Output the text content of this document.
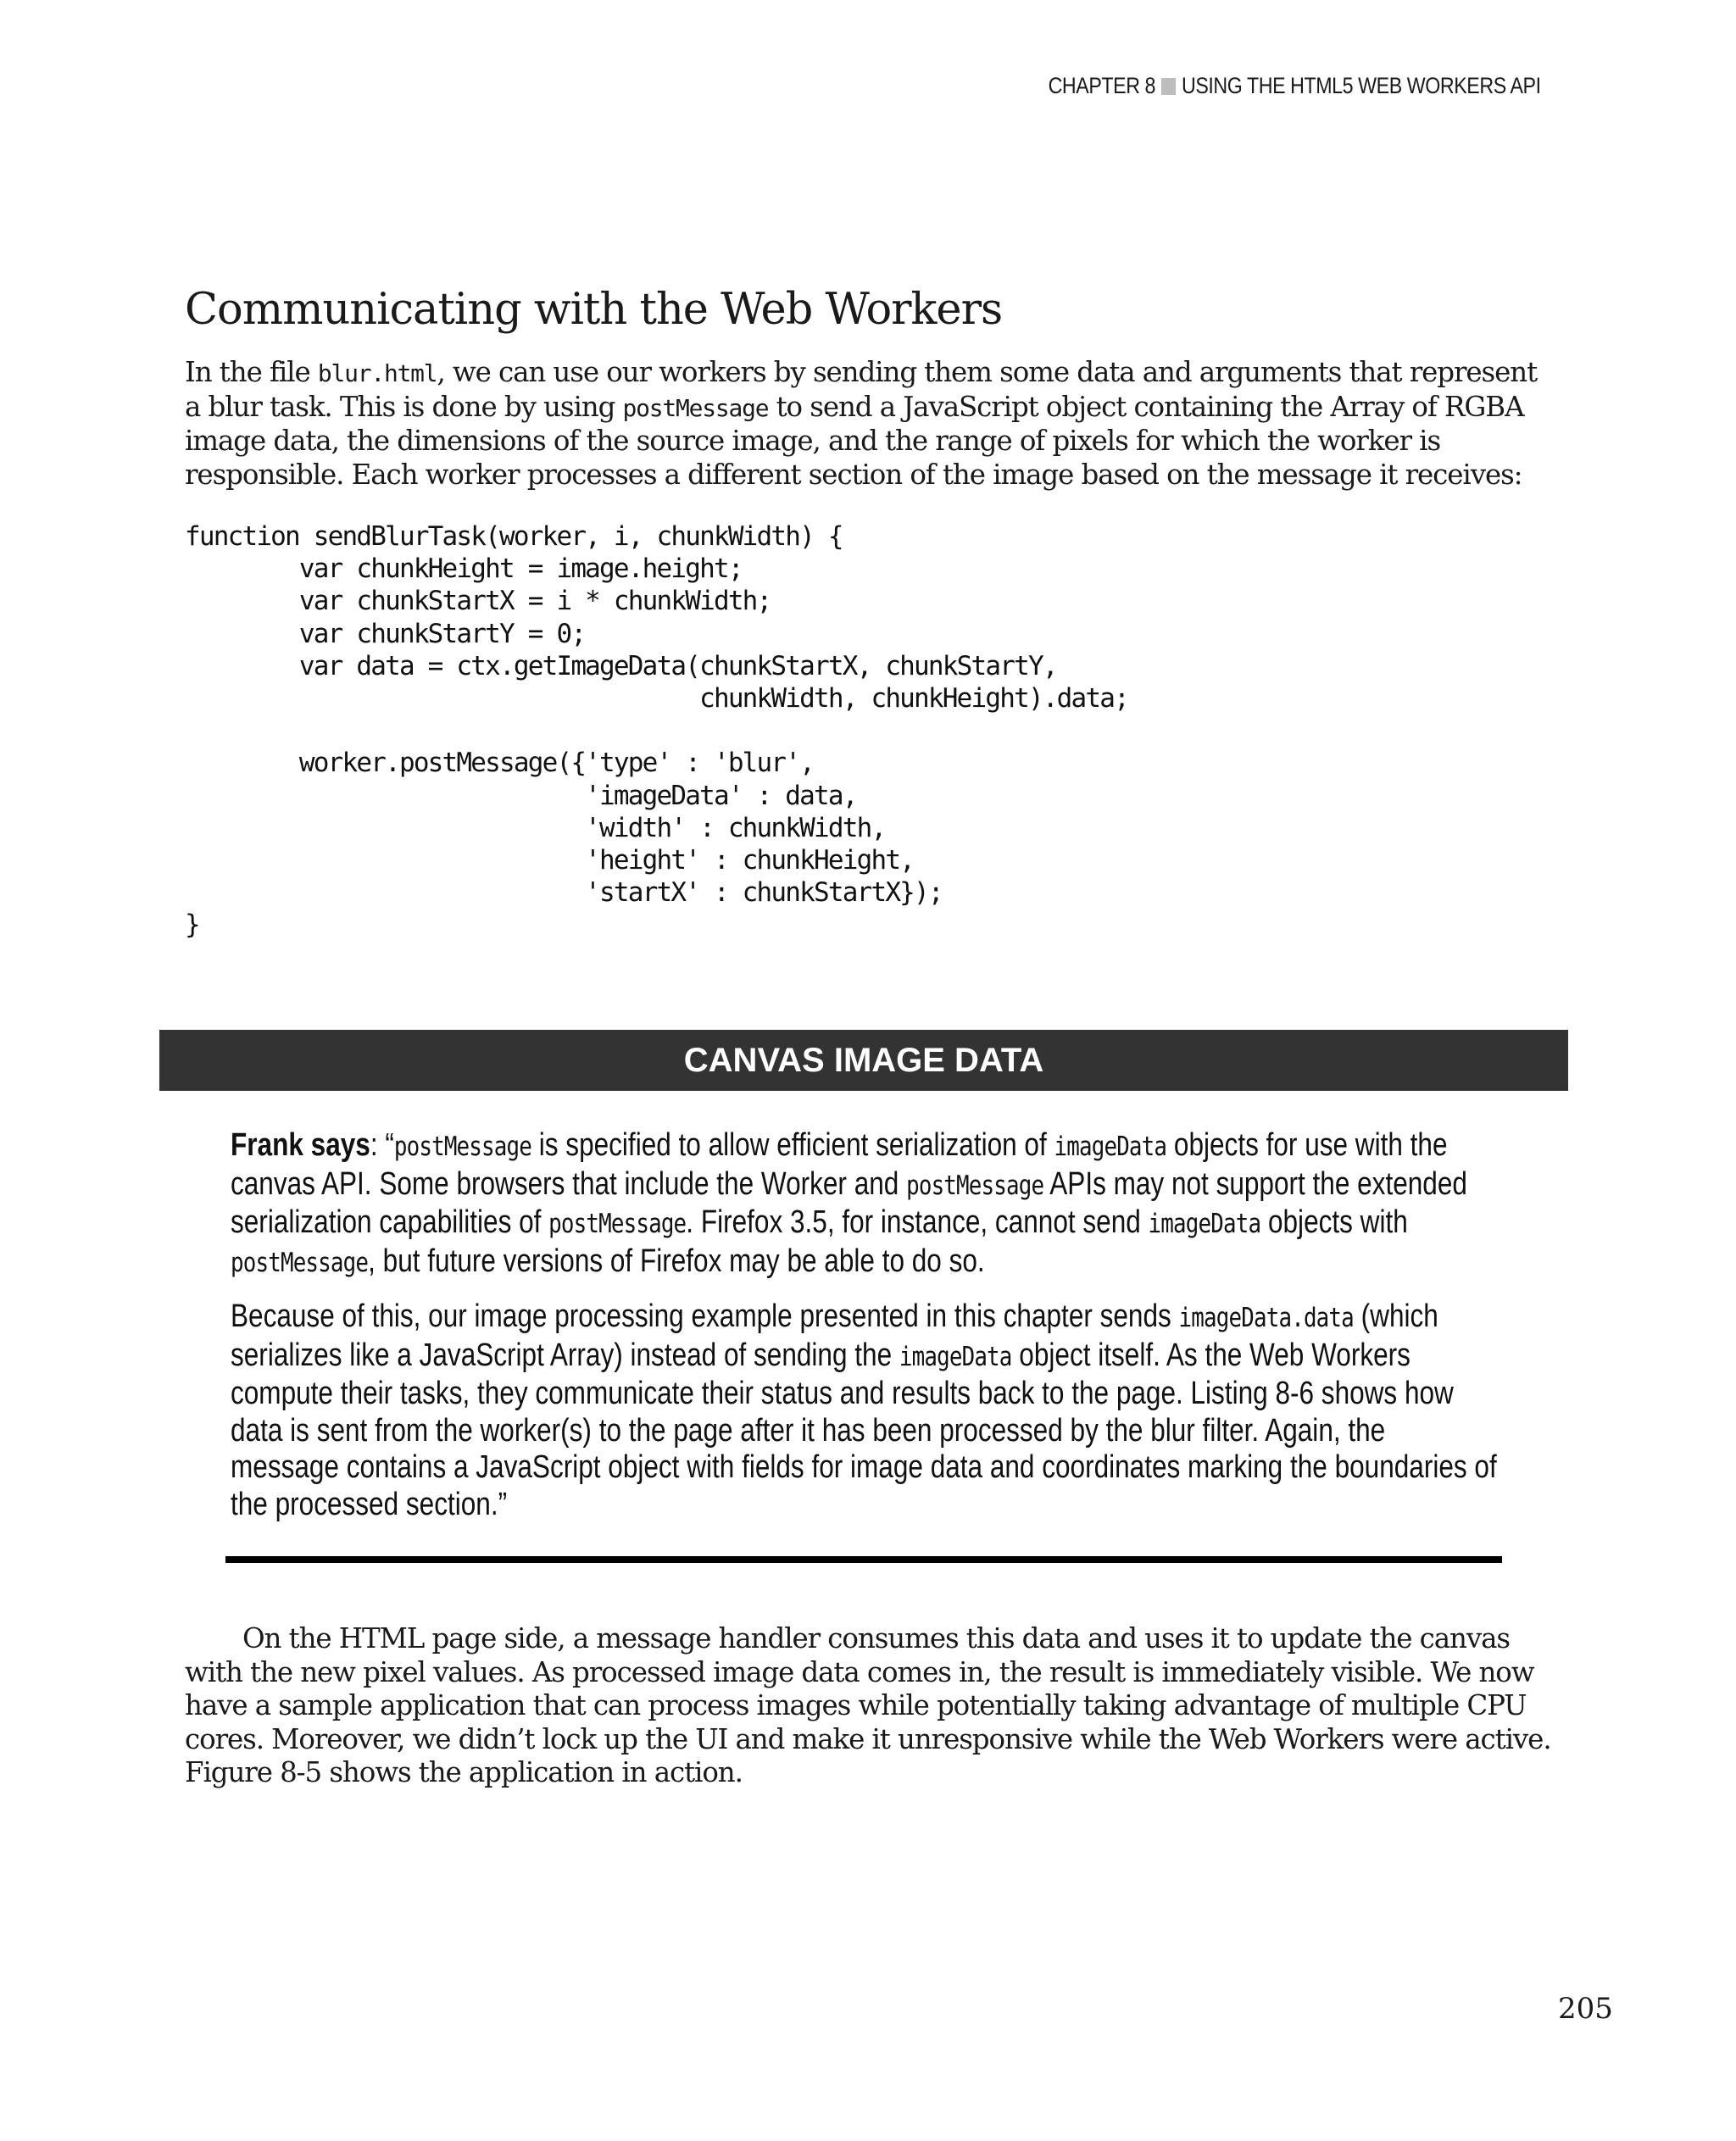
CHAPTER 8 USING THE HTML5 WEB WORKERS API
Communicating with the Web Workers

In the file blur.html, we can use our workers by sending them some data and arguments that represent a blur task. This is done by using postMessage to send a JavaScript object containing the Array of RGBA image data, the dimensions of the source image, and the range of pixels for which the worker is responsible. Each worker processes a different section of the image based on the message it receives:

function sendBlurTask(worker, i, chunkWidth) {
var chunkHeight = image.height;
var chunkStartX = i * chunkWidth;
var chunkStartY = 0;
var data = ctx.getImageData(chunkStartX, chunkStartY,
chunkWidth, chunkHeight).data;

worker.postMessage({'type' : 'blur',
'imageData' : data,
'width' : chunkWidth,
'height' : chunkHeight,
'startX' : chunkStartX});
}
CANVAS IMAGE DATA

Frank says: “postMessage is specified to allow efficient serialization of imageData objects for use with the canvas API. Some browsers that include the Worker and postMessage APIs may not support the extended serialization capabilities of postMessage. Firefox 3.5, for instance, cannot send imageData objects with postMessage, but future versions of Firefox may be able to do so.

Because of this, our image processing example presented in this chapter sends imageData.data (which serializes like a JavaScript Array) instead of sending the imageData object itself. As the Web Workers compute their tasks, they communicate their status and results back to the page. Listing 8-6 shows how data is sent from the worker(s) to the page after it has been processed by the blur filter. Again, the message contains a JavaScript object with fields for image data and coordinates marking the boundaries of the processed section.”

On the HTML page side, a message handler consumes this data and uses it to update the canvas with the new pixel values. As processed image data comes in, the result is immediately visible. We now have a sample application that can process images while potentially taking advantage of multiple CPU cores. Moreover, we didn’t lock up the UI and make it unresponsive while the Web Workers were active. Figure 8-5 shows the application in action.

205
